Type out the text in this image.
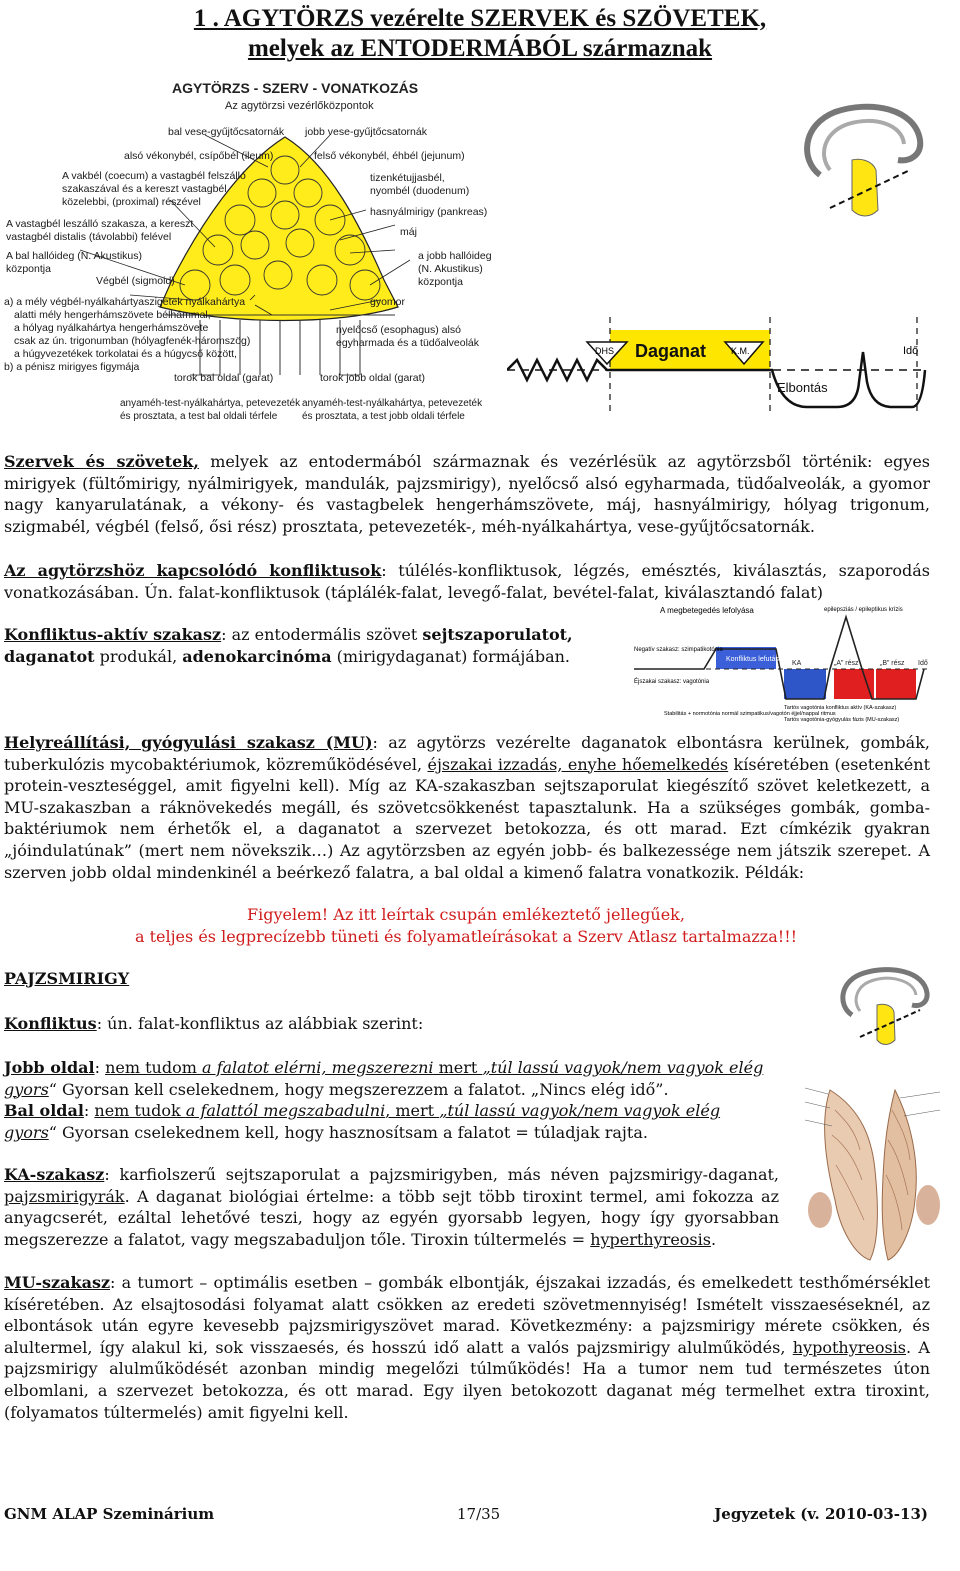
1 . AGYTÖRZS vezérelte SZERVEK és SZÖVETEK,
melyek az ENTODERMÁBÓL származnak
AGYTÖRZS - SZERV - VONATKOZÁS
Az agytörzsi vezérlőközpontok
bal vese-gyűjtőcsatornák
alsó vékonybél, csípőbél (ileum)
A vakbél (coecum) a vastagbél felszálló
szakaszával és a kereszt vastagbél
közelebbi, (proximal) részével
A vastagbél leszálló szakasza, a kereszt
vastagbél distalis (távolabbi) felével
A bal hallóideg (N. Akustikus)
központja
Végbél (sigmoid)
a) a mély végbél-nyálkahártyaszigetek nyálkahártya
alatti mély hengerhámszövete bélhámmal,
a hólyag nyálkahártya hengerhámszövete
csak az ún. trigonumban (hólyagfenék-háromszög)
a húgyvezetékek torkolatai és a húgycső között,
b) a pénisz mirigyes figymája
torok bal oldal (garat)
anyaméh-test-nyálkahártya, petevezeték
és prosztata, a test bal oldali térfele
jobb vese-gyűjtőcsatornák
felső vékonybél, éhbél (jejunum)
tizenkétujjasbél,
nyombél (duodenum)
hasnyálmirigy (pankreas)
máj
a jobb hallóideg
(N. Akustikus)
központja
gyomor
nyelőcső (esophagus) alsó
egyharmada és a tüdőalveolák
torok jobb oldal (garat)
anyaméh-test-nyálkahártya, petevezeték
és prosztata, a test jobb oldali térfele
DHS Daganat	K.M.	Idő
Elbontás

Szervek és szövetek, melyek az entodermából származnak és vezérlésük az agytörzsből történik: egyes mirigyek (fültőmirigy, nyálmirigyek, mandulák, pajzsmirigy), nyelőcső alsó egyharmada, tüdőalveolák, a gyomor nagy kanyarulatának, a vékony- és vastagbelek hengerhámszövete, máj, hasnyálmirigy, hólyag trigonum, szigmabél, végbél (felső, ősi rész) prosztata, petevezeték-, méh-nyálkahártya, vese-gyűjtőcsatornák.

Az agytörzshöz kapcsolódó konfliktusok: túlélés-konfliktusok, légzés, emésztés, kiválasztás, szaporodás vonatkozásában. Ún. falat-konfliktusok (táplálék-falat, levegő-falat, bevétel-falat, kiválasztandó falat)

Konfliktus-aktív szakasz: az entodermális szövet sejtszaporulatot,
daganatot produkál, adenokarcinóma (mirigydaganat) formájában.

A megbetegedés lefolyása	epilepsziás / epileptikus krízis
Konfliktus lefutás
KA	„A” rész	„B” rész Idő
Negatív szakasz: szimpatikotónia
Éjszakai szakasz: vagotónia
Stabilitás + normotónia normál szimpatikus/vagotón éjjel/nappal ritmus
Tartós vagotónia konfliktus aktív (KA-szakasz)
Tartós vagotónia-gyógyulás fázis (MU-szakasz)

Helyreállítási, gyógyulási szakasz (MU): az agytörzs vezérelte daganatok elbontásra kerülnek, gombák, tuberkulózis mycobaktériumok, közreműködésével, éjszakai izzadás, enyhe hőemelkedés kíséretében (esetenként protein-veszteséggel, amit figyelni kell). Míg az KA-szakaszban sejtszaporulat kiegészítő szövet keletkezett, a MU-szakaszban a ráknövekedés megáll, és szövetcsökkenést tapasztalunk. Ha a szükséges gombák, gomba-baktériumok nem érhetők el, a daganatot a szervezet betokozza, és ott marad. Ezt címkézik gyakran „jóindulatúnak” (mert nem növekszik…) Az agytörzsben az egyén jobb- és balkezessége nem játszik szerepet. A szerven jobb oldal mindenkinél a beérkező falatra, a bal oldal a kimenő falatra vonatkozik. Példák:

Figyelem! Az itt leírtak csupán emlékeztető jellegűek,
a teljes és legprecízebb tüneti és folyamatleírásokat a Szerv Atlasz tartalmazza!!!
PAJZSMIRIGY

Konfliktus: ún. falat-konfliktus az alábbiak szerint:

Jobb oldal: nem tudom a falatot elérni, megszerezni mert „túl lassú vagyok/nem vagyok elég gyors“ Gyorsan kell cselekednem, hogy megszerezzem a falatot. „Nincs elég idő”.
Bal oldal: nem tudok a falattól megszabadulni, mert „túl lassú vagyok/nem vagyok elég gyors“ Gyorsan cselekednem kell, hogy hasznosítsam a falatot = túladjak rajta.

KA-szakasz: karfiolszerű sejtszaporulat a pajzsmirigyben, más néven pajzsmirigy-daganat, pajzsmirigyrák. A daganat biológiai értelme: a több sejt több tiroxint termel, ami fokozza az anyagcserét, ezáltal lehetővé teszi, hogy az egyén gyorsabb legyen, hogy így gyorsabban megszerezze a falatot, vagy megszabaduljon tőle. Tiroxin túltermelés = hyperthyreosis.

MU-szakasz: a tumort – optimális esetben – gombák elbontják, éjszakai izzadás, és emelkedett testhőmérséklet kíséretében. Az elsajtosodási folyamat alatt csökken az eredeti szövetmennyiség! Ismételt visszaeséseknél, az elbontások után egyre kevesebb pajzsmirigyszövet marad. Következmény: a pajzsmirigy mérete csökken, és alultermel, így alakul ki, sok visszaesés, és hosszú idő alatt a valós pajzsmirigy alulműködés, hypothyreosis. A pajzsmirigy alulműködését azonban mindig megelőzi túlműködés! Ha a tumor nem tud természetes úton elbomlani, a szervezet betokozza, és ott marad. Egy ilyen betokozott daganat még termelhet extra tiroxint, (folyamatos túltermelés) amit figyelni kell.

GNM ALAP Szeminárium	17/35	Jegyzetek (v. 2010-03-13)
